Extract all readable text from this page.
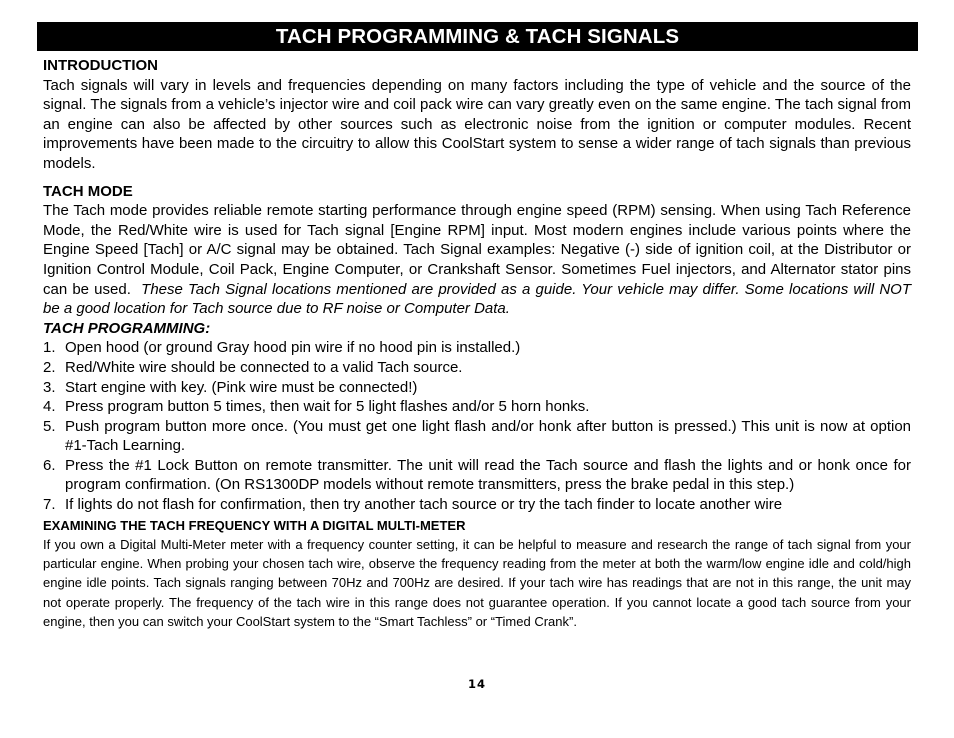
TACH PROGRAMMING & TACH SIGNALS

INTRODUCTION

Tach signals will vary in levels and frequencies depending on many factors including the type of vehicle and the source of the signal. The signals from a vehicle’s injector wire and coil pack wire can vary greatly even on the same engine. The tach signal from an engine can also be affected by other sources such as electronic noise from the ignition or computer modules. Recent improvements have been made to the circuitry to allow this CoolStart system to sense a wider range of tach signals than previous models.

TACH MODE

The Tach mode provides reliable remote starting performance through engine speed (RPM) sensing. When using Tach Reference Mode, the Red/White wire is used for Tach signal [Engine RPM] input. Most modern engines include various points where the Engine Speed [Tach] or A/C signal may be obtained. Tach Signal examples: Negative (-) side of ignition coil, at the Distributor or Ignition Control Module, Coil Pack, Engine Computer, or Crankshaft Sensor. Sometimes Fuel injectors, and Alternator stator pins can be used. These Tach Signal locations mentioned are provided as a guide. Your vehicle may differ. Some locations will NOT be a good location for Tach source due to RF noise or Computer Data.

TACH PROGRAMMING:

1. Open hood (or ground Gray hood pin wire if no hood pin is installed.)
2. Red/White wire should be connected to a valid Tach source.
3. Start engine with key. (Pink wire must be connected!)
4. Press program button 5 times, then wait for 5 light flashes and/or 5 horn honks.
5. Push program button more once. (You must get one light flash and/or honk after button is pressed.) This unit is now at option #1-Tach Learning.
6. Press the #1 Lock Button on remote transmitter. The unit will read the Tach source and flash the lights and or honk once for program confirmation. (On RS1300DP models without remote transmitters, press the brake pedal in this step.)
7. If lights do not flash for confirmation, then try another tach source or try the tach finder to locate another wire

EXAMINING THE TACH FREQUENCY WITH A DIGITAL MULTI-METER

If you own a Digital Multi-Meter meter with a frequency counter setting, it can be helpful to measure and research the range of tach signal from your particular engine. When probing your chosen tach wire, observe the frequency reading from the meter at both the warm/low engine idle and cold/high engine idle points. Tach signals ranging between 70Hz and 700Hz are desired. If your tach wire has readings that are not in this range, the unit may not operate properly. The frequency of the tach wire in this range does not guarantee operation. If you cannot locate a good tach source from your engine, then you can switch your CoolStart system to the “Smart Tachless” or “Timed Crank”.

14
